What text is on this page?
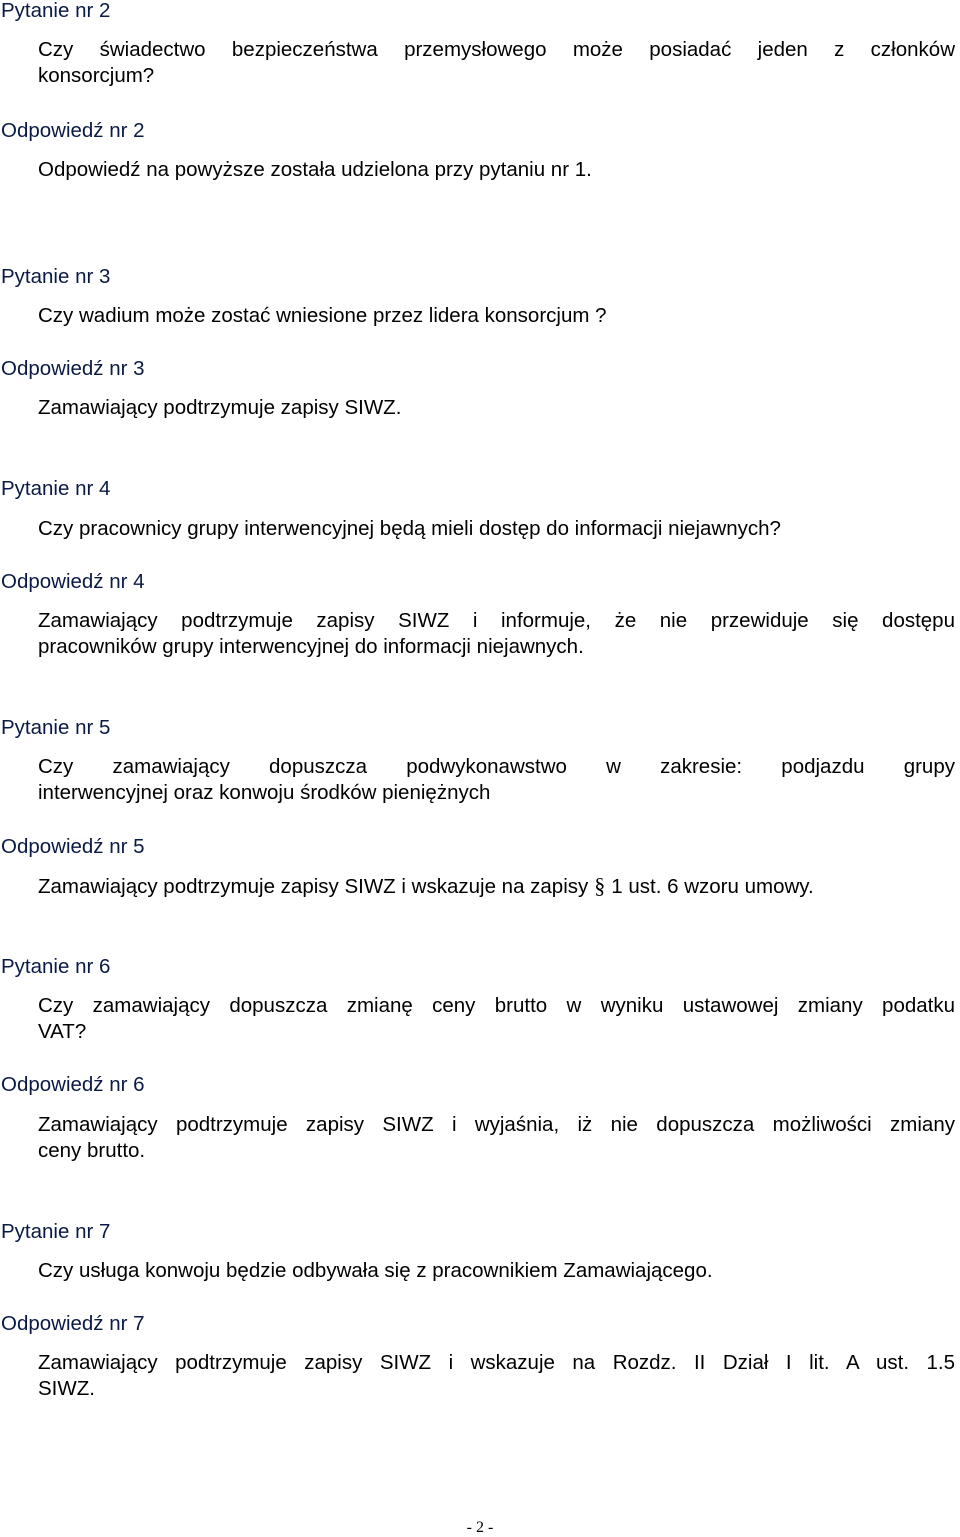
Pytanie nr 2
Czy świadectwo bezpieczeństwa przemysłowego może posiadać jeden z członków
konsorcjum?
Odpowiedź nr 2
Odpowiedź na powyższe została udzielona przy pytaniu nr 1.
Pytanie nr 3
Czy wadium może zostać wniesione przez lidera konsorcjum ?
Odpowiedź nr 3
Zamawiający podtrzymuje zapisy SIWZ.
Pytanie nr 4
Czy pracownicy grupy interwencyjnej będą mieli dostęp do informacji niejawnych?
Odpowiedź nr 4
Zamawiający podtrzymuje zapisy SIWZ i informuje, że nie przewiduje się dostępu
pracowników grupy interwencyjnej do informacji niejawnych.
Pytanie nr 5
Czy zamawiający dopuszcza podwykonawstwo w zakresie: podjazdu grupy
interwencyjnej oraz konwoju środków pieniężnych
Odpowiedź nr 5
Zamawiający podtrzymuje zapisy SIWZ i wskazuje na zapisy § 1 ust. 6 wzoru umowy.
Pytanie nr 6
Czy zamawiający dopuszcza zmianę ceny brutto w wyniku ustawowej zmiany podatku
VAT?
Odpowiedź nr 6
Zamawiający podtrzymuje zapisy SIWZ i wyjaśnia, iż nie dopuszcza możliwości zmiany
ceny brutto.
Pytanie nr 7
Czy usługa konwoju będzie odbywała się z pracownikiem Zamawiającego.
Odpowiedź nr 7
Zamawiający podtrzymuje zapisy SIWZ i wskazuje na Rozdz. II Dział I lit. A ust. 1.5
SIWZ.
- 2 -
